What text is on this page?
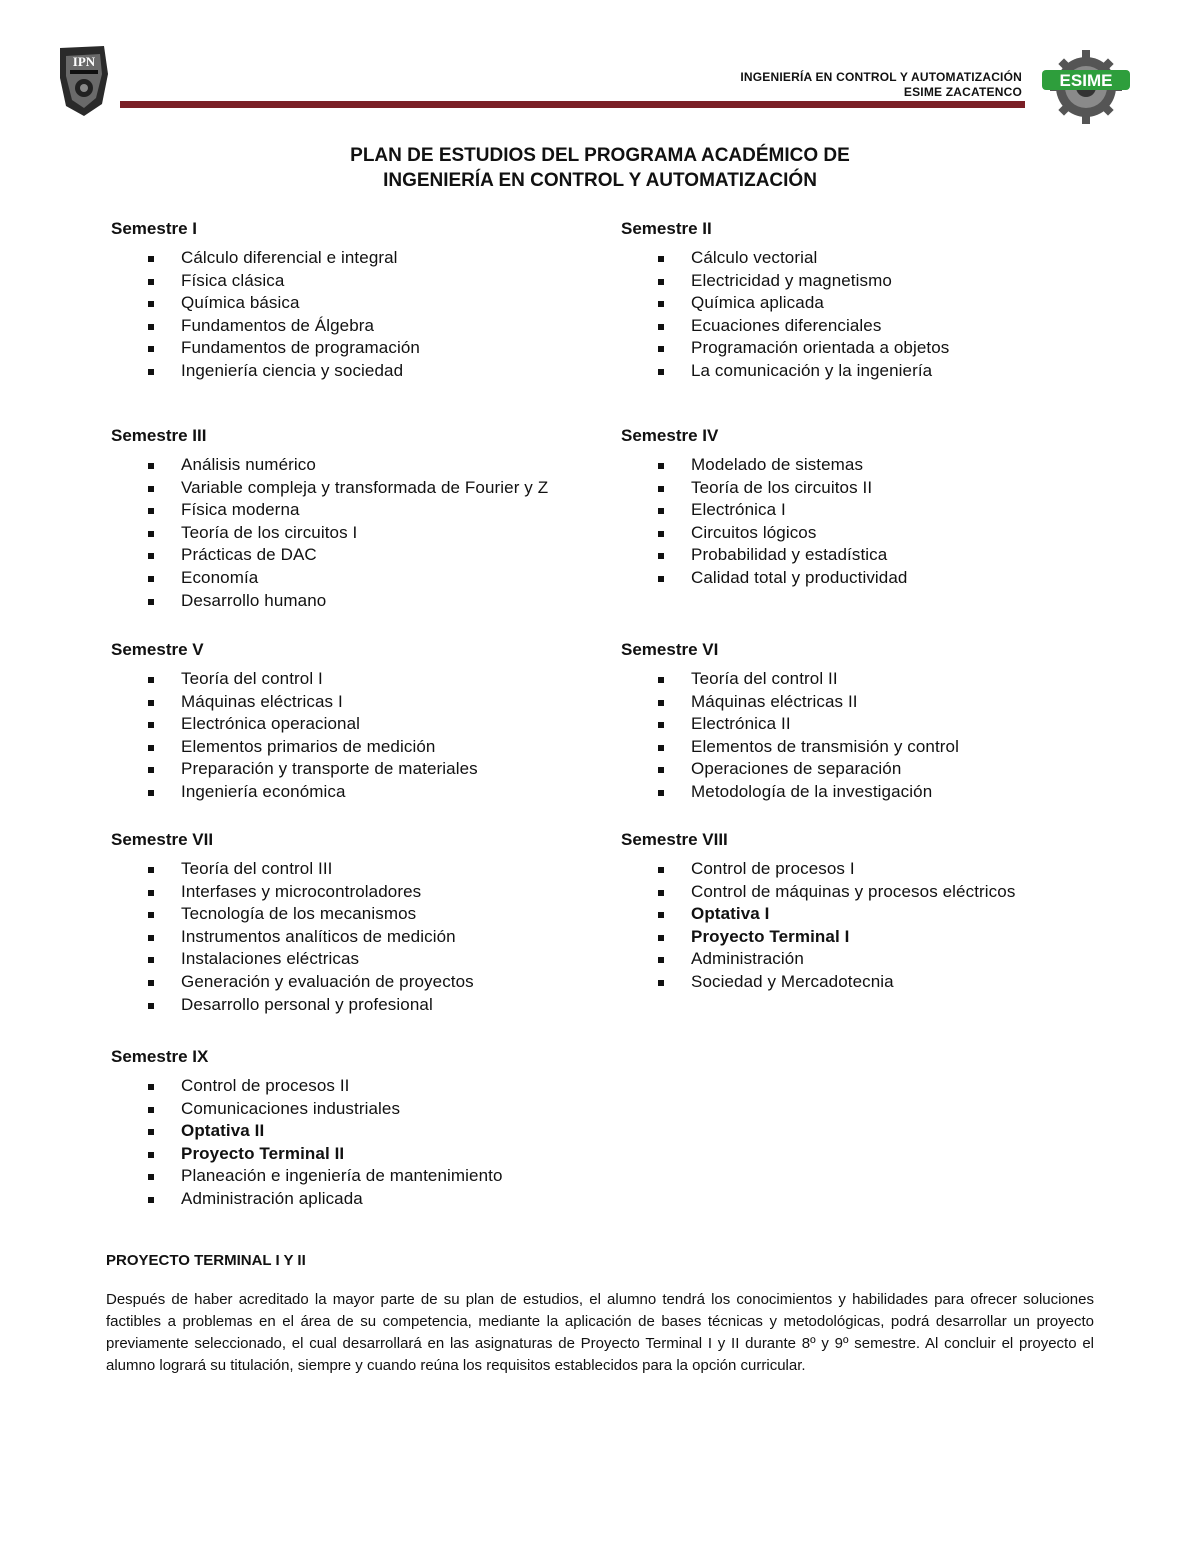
IPN
INGENIERÍA EN CONTROL Y AUTOMATIZACIÓN
ESIME ZACATENCO
ESIME
PLAN DE ESTUDIOS DEL PROGRAMA ACADÉMICO DE
INGENIERÍA EN CONTROL Y AUTOMATIZACIÓN
Semestre I
Cálculo diferencial e integral
Física clásica
Química básica
Fundamentos de Álgebra
Fundamentos de programación
Ingeniería ciencia y sociedad
Semestre II
Cálculo vectorial
Electricidad y magnetismo
Química aplicada
Ecuaciones diferenciales
Programación orientada a objetos
La comunicación y la ingeniería
Semestre III
Análisis numérico
Variable compleja y transformada de Fourier y Z
Física moderna
Teoría de los circuitos I
Prácticas de DAC
Economía
Desarrollo humano
Semestre IV
Modelado de sistemas
Teoría de los circuitos II
Electrónica I
Circuitos lógicos
Probabilidad y estadística
Calidad total y productividad
Semestre V
Teoría del control I
Máquinas eléctricas I
Electrónica operacional
Elementos primarios de medición
Preparación y transporte de materiales
Ingeniería económica
Semestre VI
Teoría del control II
Máquinas eléctricas II
Electrónica II
Elementos de transmisión y control
Operaciones de separación
Metodología de la investigación
Semestre VII
Teoría del control III
Interfases y microcontroladores
Tecnología de los mecanismos
Instrumentos analíticos de medición
Instalaciones eléctricas
Generación y evaluación de proyectos
Desarrollo personal y profesional
Semestre VIII
Control de procesos I
Control de máquinas y procesos eléctricos
Optativa I
Proyecto Terminal I
Administración
Sociedad y Mercadotecnia
Semestre IX
Control de procesos II
Comunicaciones industriales
Optativa II
Proyecto Terminal II
Planeación e ingeniería de mantenimiento
Administración aplicada
PROYECTO TERMINAL I Y II
Después de haber acreditado la mayor parte de su plan de estudios, el alumno tendrá los conocimientos y habilidades para ofrecer soluciones factibles a problemas en el área de su competencia, mediante la aplicación de bases técnicas y metodológicas, podrá desarrollar un proyecto previamente seleccionado, el cual desarrollará en las asignaturas de Proyecto Terminal I y II durante 8º y 9º semestre. Al concluir el proyecto el alumno logrará su titulación, siempre y cuando reúna los requisitos establecidos para la opción curricular.
